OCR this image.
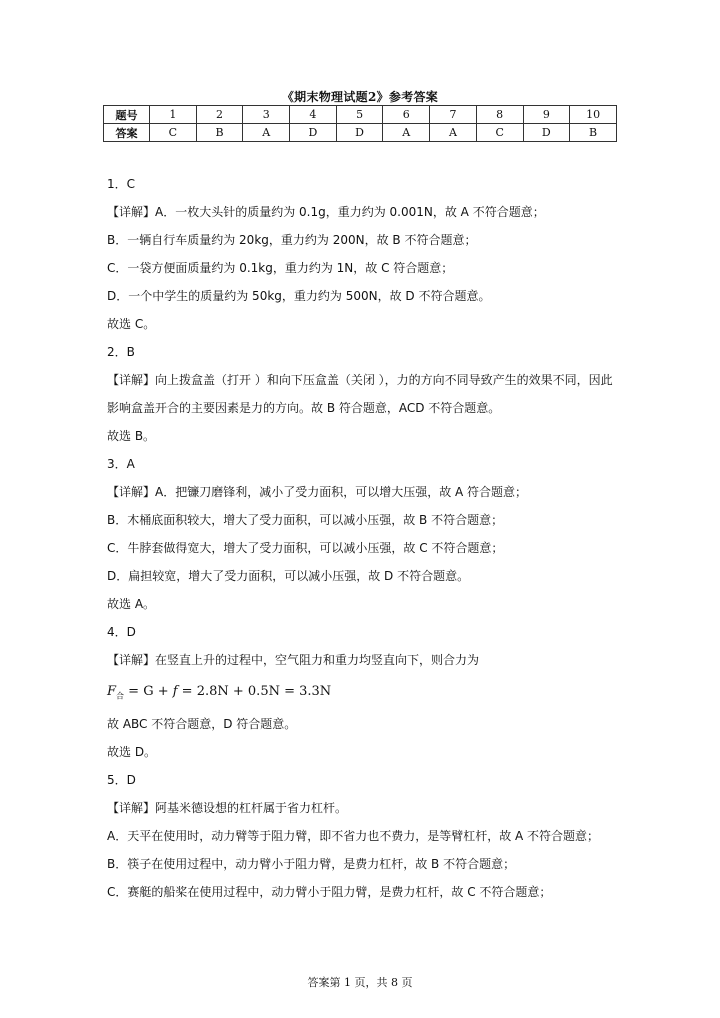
《期末物理试题2》参考答案
题号	1	2	3	4	5	6	7	8	9	10
答案	C	B	A	D	D	A	A	C	D	B

1．C

【详解】A．一枚大头针的质量约为 0.1g，重力约为 0.001N，故 A 不符合题意；

B．一辆自行车质量约为 20kg，重力约为 200N，故 B 不符合题意；

C．一袋方便面质量约为 0.1kg，重力约为 1N，故 C 符合题意；

D．一个中学生的质量约为 50kg，重力约为 500N，故 D 不符合题意。

故选 C。

2．B

【详解】向上拨盒盖（打开 ）和向下压盒盖（关闭 ），力的方向不同导致产生的效果不同，因此影响盒盖开合的主要因素是力的方向。故 B 符合题意，ACD 不符合题意。

故选 B。

3．A

【详解】A．把镰刀磨锋利，减小了受力面积，可以增大压强，故 A 符合题意；

B．木桶底面积较大，增大了受力面积，可以减小压强，故 B 不符合题意；

C．牛脖套做得宽大，增大了受力面积，可以减小压强，故 C 不符合题意；

D．扁担较宽，增大了受力面积，可以减小压强，故 D 不符合题意。

故选 A。

4．D

【详解】在竖直上升的过程中，空气阻力和重力均竖直向下，则合力为

$F_合 = G + f = 2.8N + 0.5N = 3.3N$

故 ABC 不符合题意，D 符合题意。

故选 D。

5．D

【详解】阿基米德设想的杠杆属于省力杠杆。

A．天平在使用时，动力臂等于阻力臂，即不省力也不费力，是等臂杠杆，故 A 不符合题意；

B．筷子在使用过程中，动力臂小于阻力臂，是费力杠杆，故 B 不符合题意；

C．赛艇的船桨在使用过程中，动力臂小于阻力臂，是费力杠杆，故 C 不符合题意；

答案第 1 页，共 8 页
